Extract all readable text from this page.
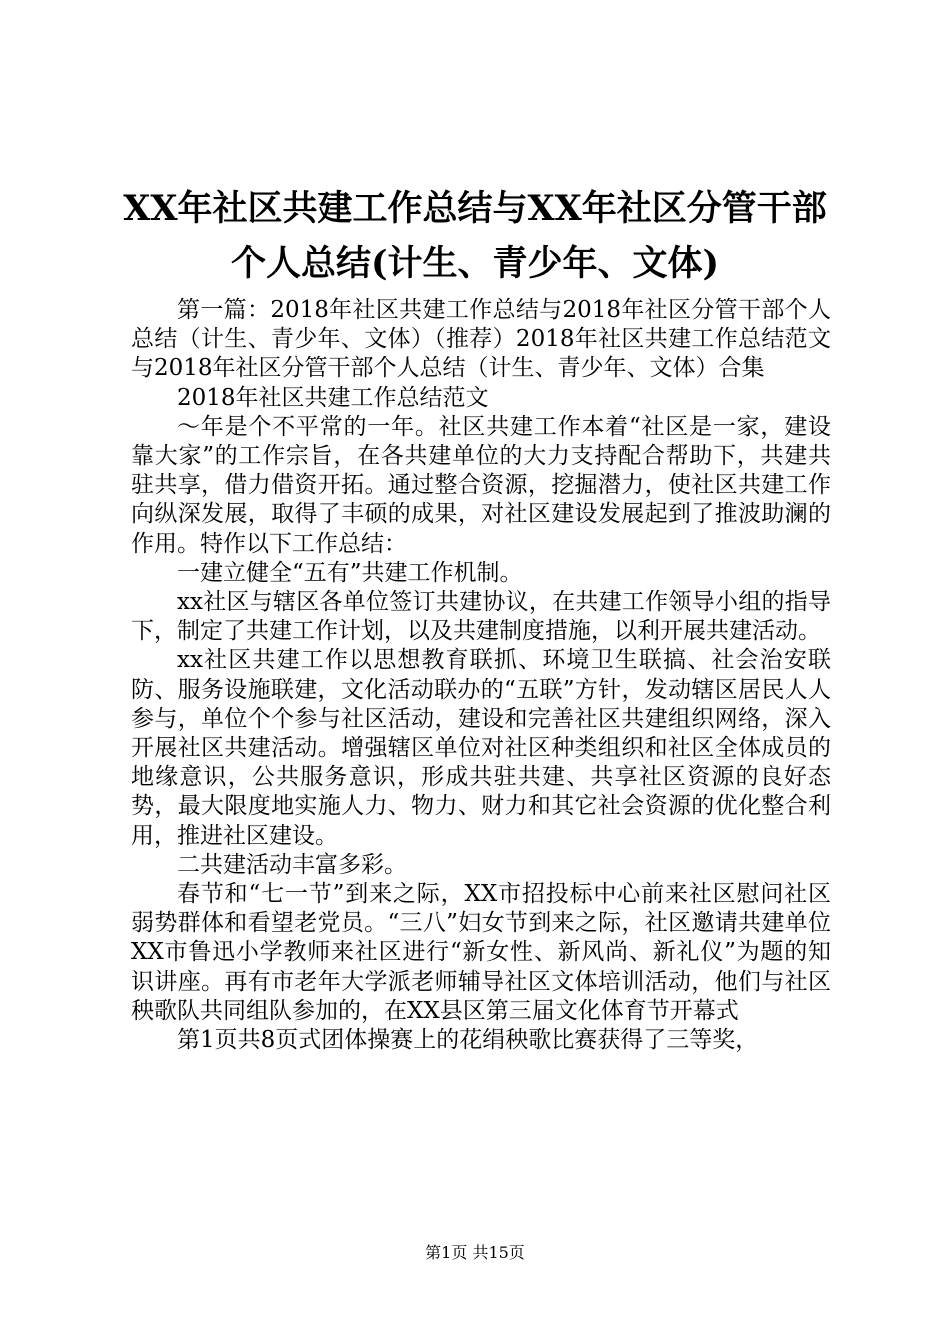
XX年社区共建工作总结与XX年社区分管干部
个人总结(计生、青少年、文体)

第一篇：2018年社区共建工作总结与2018年社区分管干部个人总结（计生、青少年、文体）（推荐）2018年社区共建工作总结范文与2018年社区分管干部个人总结（计生、青少年、文体）合集

2018年社区共建工作总结范文

～年是个不平常的一年。社区共建工作本着“社区是一家，建设靠大家”的工作宗旨，在各共建单位的大力支持配合帮助下，共建共驻共享，借力借资开拓。通过整合资源，挖掘潜力，使社区共建工作向纵深发展，取得了丰硕的成果，对社区建设发展起到了推波助澜的作用。特作以下工作总结：

一建立健全“五有”共建工作机制。

xx社区与辖区各单位签订共建协议，在共建工作领导小组的指导下，制定了共建工作计划，以及共建制度措施，以利开展共建活动。

xx社区共建工作以思想教育联抓、环境卫生联搞、社会治安联防、服务设施联建，文化活动联办的“五联”方针，发动辖区居民人人参与，单位个个参与社区活动，建设和完善社区共建组织网络，深入开展社区共建活动。增强辖区单位对社区种类组织和社区全体成员的地缘意识，公共服务意识，形成共驻共建、共享社区资源的良好态势，最大限度地实施人力、物力、财力和其它社会资源的优化整合利用，推进社区建设。

二共建活动丰富多彩。

春节和“七一节”到来之际，XX市招投标中心前来社区慰问社区弱势群体和看望老党员。“三八”妇女节到来之际，社区邀请共建单位XX市鲁迅小学教师来社区进行“新女性、新风尚、新礼仪”为题的知识讲座。再有市老年大学派老师辅导社区文体培训活动，他们与社区秧歌队共同组队参加的，在XX县区第三届文化体育节开幕式

第1页共8页式团体操赛上的花绢秧歌比赛获得了三等奖，

第1页 共15页
